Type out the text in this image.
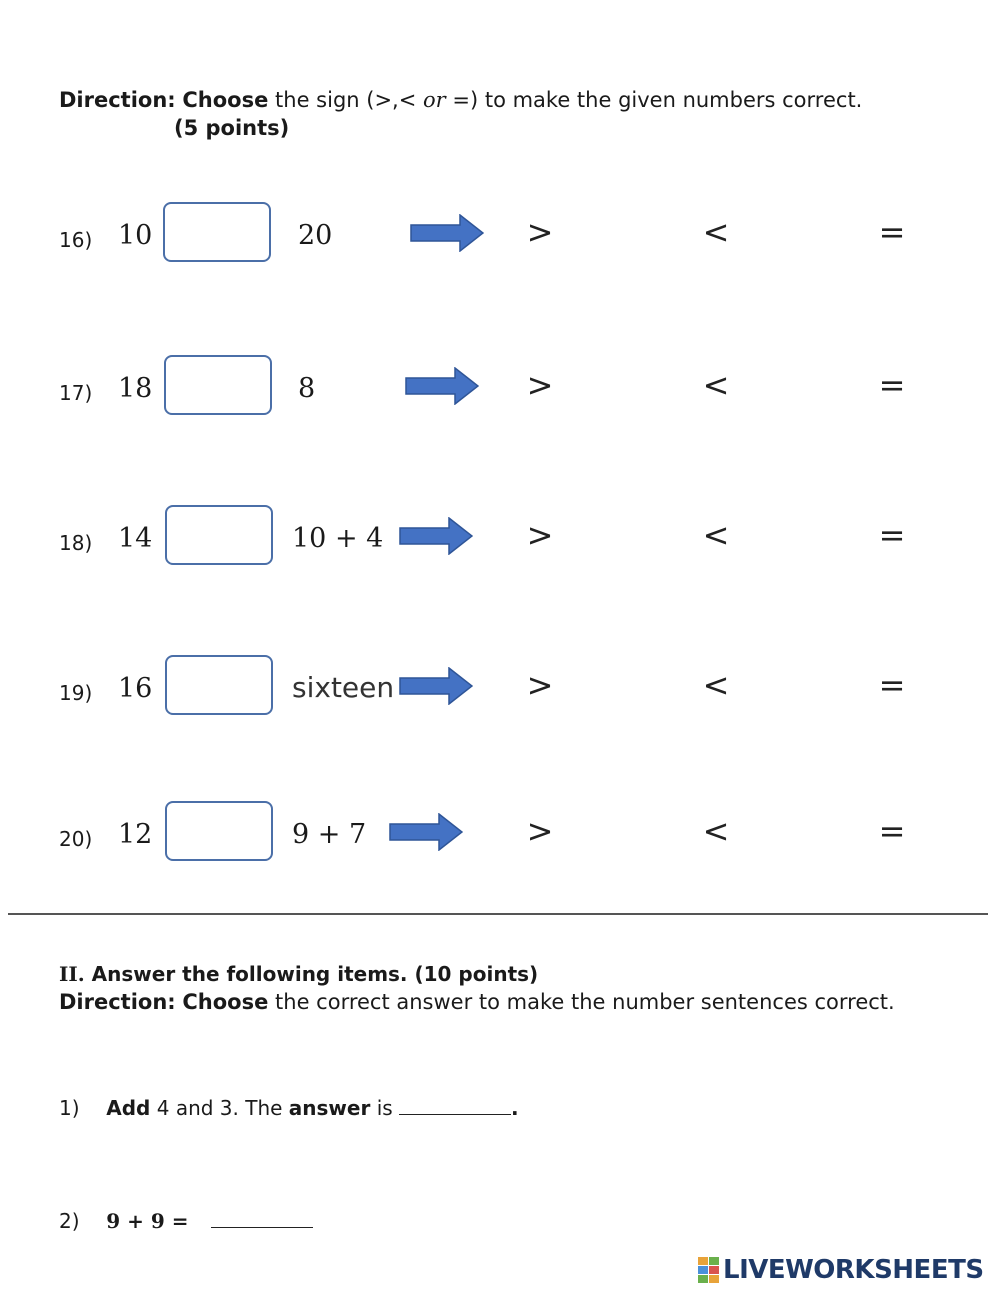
Direction: Choose the sign (>,< or =) to make the given numbers correct.
(5 points)
16) 10	20	>	<	=
17) 18	8	>	<	=
18) 14	10 + 4	>	<	=
19) 16	sixteen	>	<	=
20) 12	9 + 7	>	<	=
II. Answer the following items. (10 points)
Direction: Choose the correct answer to make the number sentences correct.
1) Add 4 and 3. The answer is	.
2) 9 + 9 =
LIVEWORKSHEETS
